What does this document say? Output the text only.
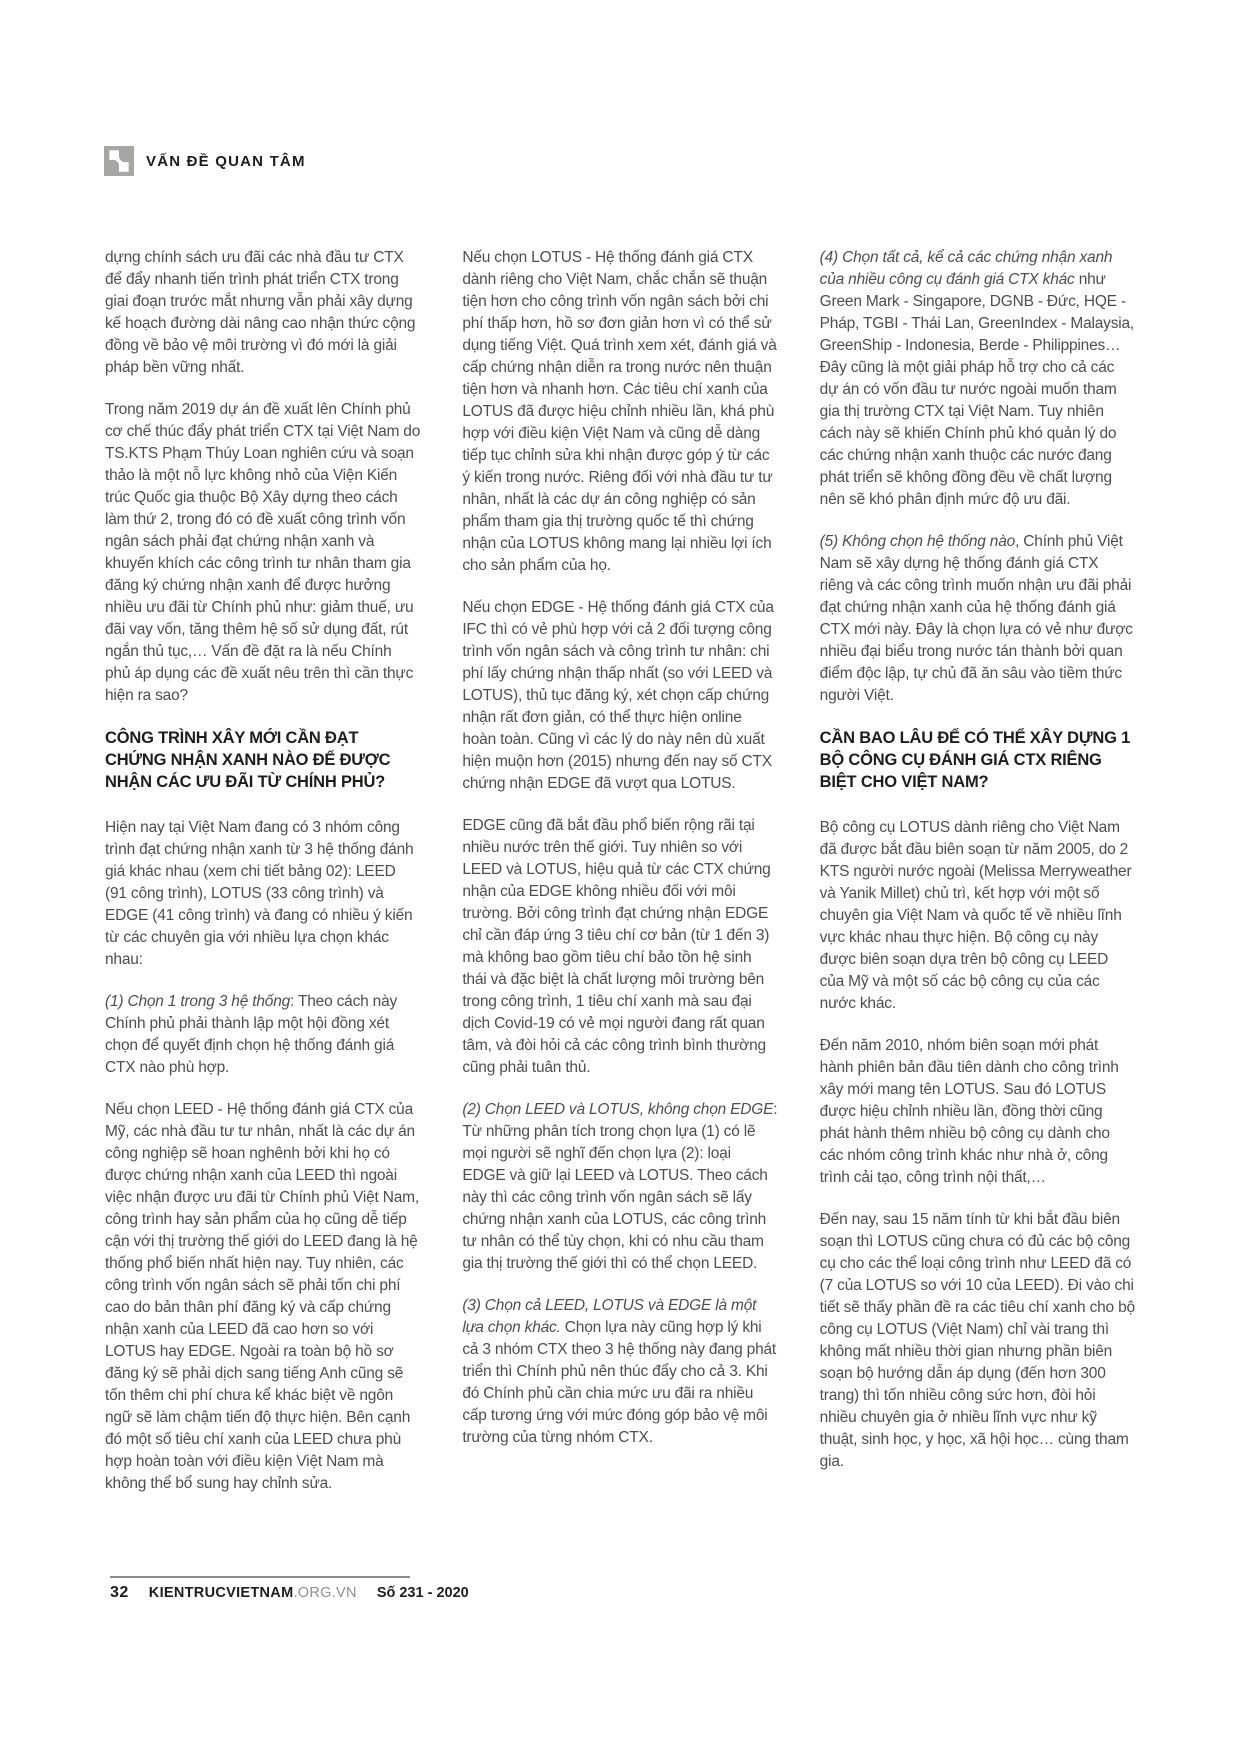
VẤN ĐỀ QUAN TÂM

dựng chính sách ưu đãi các nhà đầu tư CTX để đẩy nhanh tiến trình phát triển CTX trong giai đoạn trước mắt nhưng vẫn phải xây dựng kế hoạch đường dài nâng cao nhận thức cộng đồng về bảo vệ môi trường vì đó mới là giải pháp bền vững nhất.

Trong năm 2019 dự án đề xuất lên Chính phủ cơ chế thúc đẩy phát triển CTX tại Việt Nam do TS.KTS Phạm Thúy Loan nghiên cứu và soạn thảo là một nỗ lực không nhỏ của Viện Kiến trúc Quốc gia thuộc Bộ Xây dựng theo cách làm thứ 2, trong đó có đề xuất công trình vốn ngân sách phải đạt chứng nhận xanh và khuyến khích các công trình tư nhân tham gia đăng ký chứng nhận xanh để được hưởng nhiều ưu đãi từ Chính phủ như: giảm thuế, ưu đãi vay vốn, tăng thêm hệ số sử dụng đất, rút ngắn thủ tục,… Vấn đề đặt ra là nếu Chính phủ áp dụng các đề xuất nêu trên thì cần thực hiện ra sao?

CÔNG TRÌNH XÂY MỚI CẦN ĐẠT CHỨNG NHẬN XANH NÀO ĐỂ ĐƯỢC NHẬN CÁC ƯU ĐÃI TỪ CHÍNH PHỦ?

Hiện nay tại Việt Nam đang có 3 nhóm công trình đạt chứng nhận xanh từ 3 hệ thống đánh giá khác nhau (xem chi tiết bảng 02): LEED (91 công trình), LOTUS (33 công trình) và EDGE (41 công trình) và đang có nhiều ý kiến từ các chuyên gia với nhiều lựa chọn khác nhau:

(1) Chọn 1 trong 3 hệ thống: Theo cách này Chính phủ phải thành lập một hội đồng xét chọn để quyết định chọn hệ thống đánh giá CTX nào phù hợp.

Nếu chọn LEED - Hệ thống đánh giá CTX của Mỹ, các nhà đầu tư tư nhân, nhất là các dự án công nghiệp sẽ hoan nghênh bởi khi họ có được chứng nhận xanh của LEED thì ngoài việc nhận được ưu đãi từ Chính phủ Việt Nam, công trình hay sản phẩm của họ cũng dễ tiếp cận với thị trường thế giới do LEED đang là hệ thống phổ biến nhất hiện nay. Tuy nhiên, các công trình vốn ngân sách sẽ phải tốn chi phí cao do bản thân phí đăng ký và cấp chứng nhận xanh của LEED đã cao hơn so với LOTUS hay EDGE. Ngoài ra toàn bộ hồ sơ đăng ký sẽ phải dịch sang tiếng Anh cũng sẽ tốn thêm chi phí chưa kể khác biệt về ngôn ngữ sẽ làm chậm tiến độ thực hiện. Bên cạnh đó một số tiêu chí xanh của LEED chưa phù hợp hoàn toàn với điều kiện Việt Nam mà không thể bổ sung hay chỉnh sửa.

Nếu chọn LOTUS - Hệ thống đánh giá CTX dành riêng cho Việt Nam, chắc chắn sẽ thuận tiện hơn cho công trình vốn ngân sách bởi chi phí thấp hơn, hồ sơ đơn giản hơn vì có thể sử dụng tiếng Việt. Quá trình xem xét, đánh giá và cấp chứng nhận diễn ra trong nước nên thuận tiện hơn và nhanh hơn. Các tiêu chí xanh của LOTUS đã được hiệu chỉnh nhiều lần, khá phù hợp với điều kiện Việt Nam và cũng dễ dàng tiếp tục chỉnh sửa khi nhận được góp ý từ các ý kiến trong nước. Riêng đối với nhà đầu tư tư nhân, nhất là các dự án công nghiệp có sản phẩm tham gia thị trường quốc tế thì chứng nhận của LOTUS không mang lại nhiều lợi ích cho sản phẩm của họ.

Nếu chọn EDGE - Hệ thống đánh giá CTX của IFC thì có vẻ phù hợp với cả 2 đối tượng công trình vốn ngân sách và công trình tư nhân: chi phí lấy chứng nhận thấp nhất (so với LEED và LOTUS), thủ tục đăng ký, xét chọn cấp chứng nhận rất đơn giản, có thể thực hiện online hoàn toàn. Cũng vì các lý do này nên dù xuất hiện muộn hơn (2015) nhưng đến nay số CTX chứng nhận EDGE đã vượt qua LOTUS.

EDGE cũng đã bắt đầu phổ biến rộng rãi tại nhiều nước trên thế giới. Tuy nhiên so với LEED và LOTUS, hiệu quả từ các CTX chứng nhận của EDGE không nhiều đối với môi trường. Bởi công trình đạt chứng nhận EDGE chỉ cần đáp ứng 3 tiêu chí cơ bản (từ 1 đến 3) mà không bao gồm tiêu chí bảo tồn hệ sinh thái và đặc biệt là chất lượng môi trường bên trong công trình, 1 tiêu chí xanh mà sau đại dịch Covid-19 có vẻ mọi người đang rất quan tâm, và đòi hỏi cả các công trình bình thường cũng phải tuân thủ.

(2) Chọn LEED và LOTUS, không chọn EDGE: Từ những phân tích trong chọn lựa (1) có lẽ mọi người sẽ nghĩ đến chọn lựa (2): loại EDGE và giữ lại LEED và LOTUS. Theo cách này thì các công trình vốn ngân sách sẽ lấy chứng nhận xanh của LOTUS, các công trình tư nhân có thể tùy chọn, khi có nhu cầu tham gia thị trường thế giới thì có thể chọn LEED.

(3) Chọn cả LEED, LOTUS và EDGE là một lựa chọn khác. Chọn lựa này cũng hợp lý khi cả 3 nhóm CTX theo 3 hệ thống này đang phát triển thì Chính phủ nên thúc đẩy cho cả 3. Khi đó Chính phủ cần chia mức ưu đãi ra nhiều cấp tương ứng với mức đóng góp bảo vệ môi trường của từng nhóm CTX.

(4) Chọn tất cả, kể cả các chứng nhận xanh của nhiều công cụ đánh giá CTX khác như Green Mark - Singapore, DGNB - Đức, HQE - Pháp, TGBI - Thái Lan, GreenIndex - Malaysia, GreenShip - Indonesia, Berde - Philippines… Đây cũng là một giải pháp hỗ trợ cho cả các dự án có vốn đầu tư nước ngoài muốn tham gia thị trường CTX tại Việt Nam. Tuy nhiên cách này sẽ khiến Chính phủ khó quản lý do các chứng nhận xanh thuộc các nước đang phát triển sẽ không đồng đều về chất lượng nên sẽ khó phân định mức độ ưu đãi.

(5) Không chọn hệ thống nào, Chính phủ Việt Nam sẽ xây dựng hệ thống đánh giá CTX riêng và các công trình muốn nhận ưu đãi phải đạt chứng nhận xanh của hệ thống đánh giá CTX mới này. Đây là chọn lựa có vẻ như được nhiều đại biểu trong nước tán thành bởi quan điểm độc lập, tự chủ đã ăn sâu vào tiềm thức người Việt.

CẦN BAO LÂU ĐỂ CÓ THỂ XÂY DỰNG 1 BỘ CÔNG CỤ ĐÁNH GIÁ CTX RIÊNG BIỆT CHO VIỆT NAM?

Bộ công cụ LOTUS dành riêng cho Việt Nam đã được bắt đầu biên soạn từ năm 2005, do 2 KTS người nước ngoài (Melissa Merryweather và Yanik Millet) chủ trì, kết hợp với một số chuyên gia Việt Nam và quốc tế về nhiều lĩnh vực khác nhau thực hiện. Bộ công cụ này được biên soạn dựa trên bộ công cụ LEED của Mỹ và một số các bộ công cụ của các nước khác.

Đến năm 2010, nhóm biên soạn mới phát hành phiên bản đầu tiên dành cho công trình xây mới mang tên LOTUS. Sau đó LOTUS được hiệu chỉnh nhiều lần, đồng thời cũng phát hành thêm nhiều bộ công cụ dành cho các nhóm công trình khác như nhà ở, công trình cải tạo, công trình nội thất,…

Đến nay, sau 15 năm tính từ khi bắt đầu biên soạn thì LOTUS cũng chưa có đủ các bộ công cụ cho các thể loại công trình như LEED đã có (7 của LOTUS so với 10 của LEED). Đi vào chi tiết sẽ thấy phần đề ra các tiêu chí xanh cho bộ công cụ LOTUS (Việt Nam) chỉ vài trang thì không mất nhiều thời gian nhưng phần biên soạn bộ hướng dẫn áp dụng (đến hơn 300 trang) thì tốn nhiều công sức hơn, đòi hỏi nhiều chuyên gia ở nhiều lĩnh vực như kỹ thuật, sinh học, y học, xã hội học… cùng tham gia.

32 KIENTRUCVIETNAM.ORG.VN Số 231 - 2020
